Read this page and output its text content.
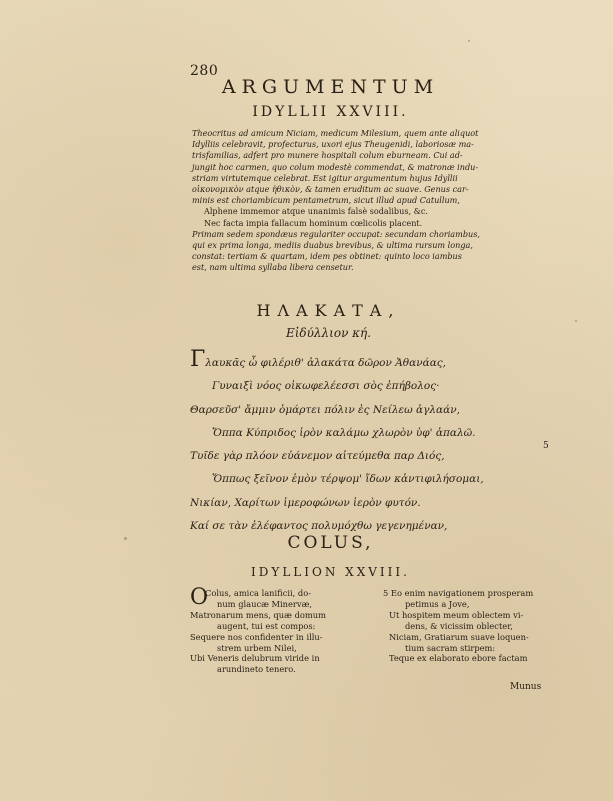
280
ARGUMENTUM
IDYLLII XXVIII.
Theocritus ad amicum Niciam, medicum Milesium, quem ante aliquot
Idylliis celebravit, profecturus, uxori ejus Theugenidi, laboriosæ ma-
trisfamilias, adfert pro munere hospitali colum eburneam. Cui ad-
jungit hoc carmen, quo colum modestè commendat, & matronæ indu-
striam virtutemque celebrat. Est igitur argumentum hujus Idyllii
οἰκονομικὸν atque ἠθικὸν, & tamen eruditum ac suave. Genus car-
minis est choriambicum pentametrum, sicut illud apud Catullum,
Alphene immemor atque unanimis falsè sodalibus, &c.
Nec facta impia fallacum hominum cœlicolis placent.
Primam sedem spondæus regulariter occupat: secundam choriambus,
qui ex prima longa, mediis duabus brevibus, & ultima rursum longa,
constat: tertiam & quartam, idem pes obtinet: quinto loco iambus
est, nam ultima syllaba libera censetur.
ΗΛΑΚΑΤΑ,
Εἰδύλλιον κή.
Γλαυκᾶς ὦ φιλέριθ' ἀλακάτα δῶρον Ἀθανάας,
Γυναιξὶ νόος οἰκωφελέεσσι σὸς ἐπήβολος·
Θαρσεῦσ' ἄμμιν ὁμάρτει πόλιν ἐς Νείλεω ἀγλαάν,
Ὄππα Κύπριδος ἱρὸν καλάμω χλωρὸν ὑφ' ἁπαλῶ.
Τυῖδε γὰρ πλόον εὐάνεμον αἰτεύμεθα παρ Διός,
Ὅππως ξεῖνον ἐμὸν τέρψομ' ἴδων κἀντιφιλήσομαι,
Νικίαν, Χαρίτων ἱμεροφώνων ἱερὸν φυτόν.
Καί σε τὰν ἐλέφαντος πολυμόχθω γεγενημέναν,
5
COLUS,
IDYLLION XXVIII.
O
Colus, amica lanificii, do-
num glaucæ Minervæ,
Matronarum mens, quæ domum
augent, tui est compos:
Sequere nos confidenter in illu-
strem urbem Nilei,
Ubi Veneris delubrum viride in
arundineto tenero.
5 Eo enim navigationem prosperam
petimus a Jove,
Ut hospitem meum oblectem vi-
dens, & vicissim oblecter,
Niciam, Gratiarum suave loquen-
tium sacram stirpem:
Teque ex elaborato ebore factam
Munus
